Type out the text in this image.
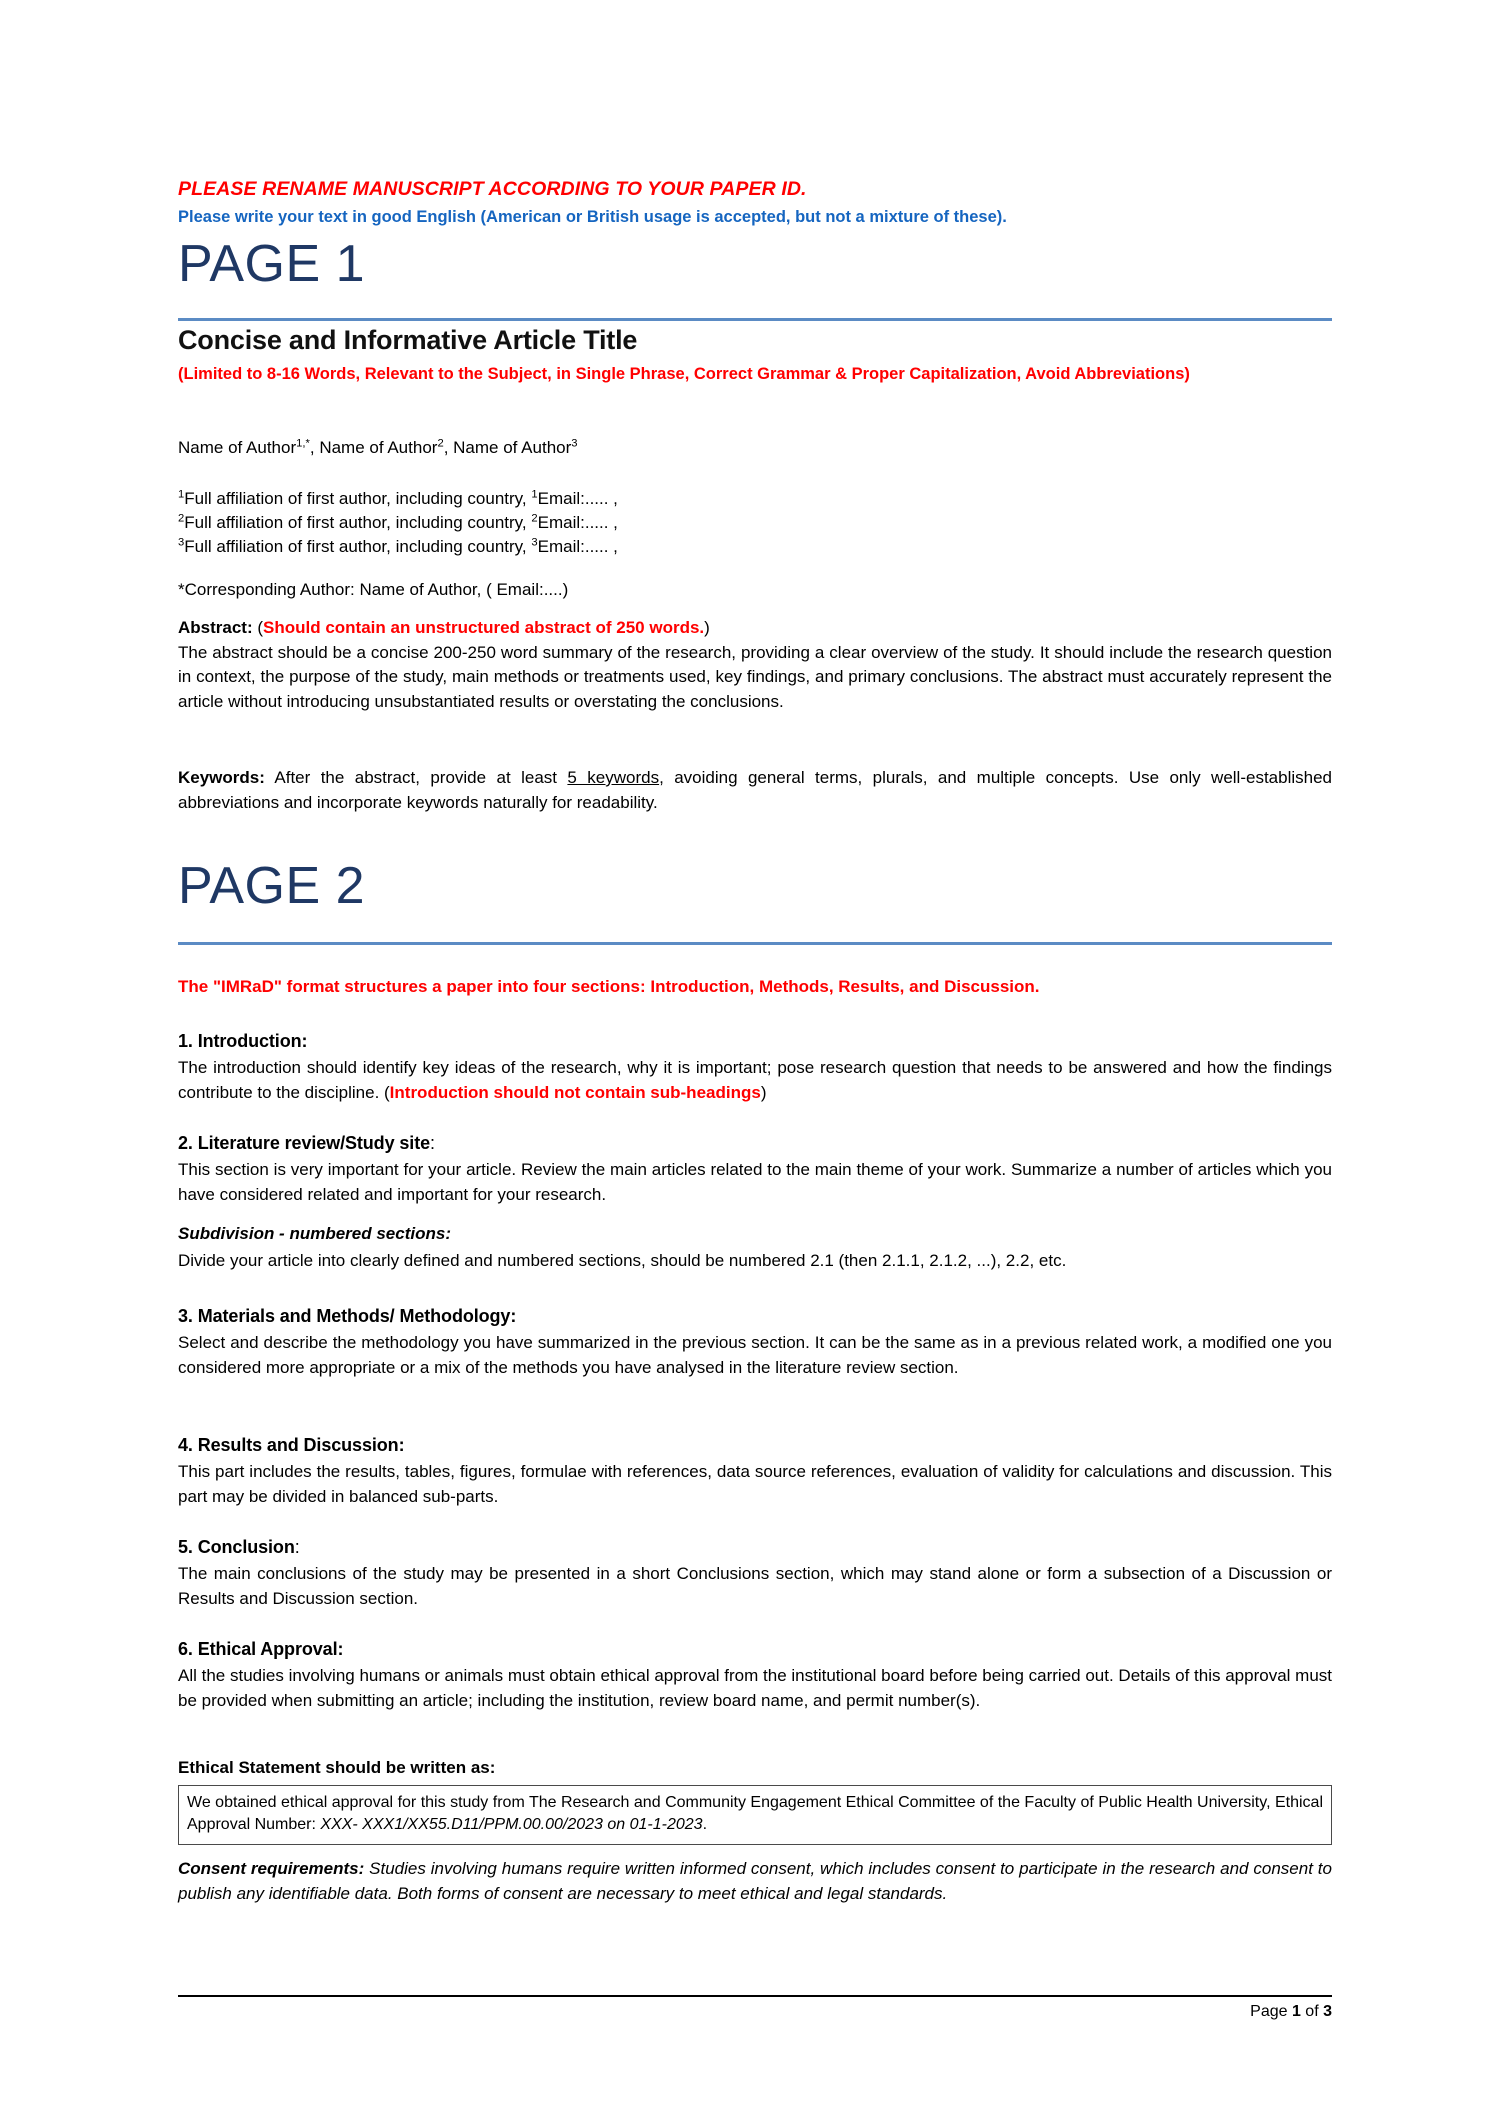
PLEASE RENAME MANUSCRIPT ACCORDING TO YOUR PAPER ID.
Please write your text in good English (American or British usage is accepted, but not a mixture of these).
PAGE 1
Concise and Informative Article Title
(Limited to 8-16 Words, Relevant to the Subject, in Single Phrase, Correct Grammar & Proper Capitalization, Avoid Abbreviations)
Name of Author$^{1,*}$, Name of Author$^2$, Name of Author$^3$
$^1$Full affiliation of first author, including country, $^1$Email:..... ,
$^2$Full affiliation of first author, including country, $^2$Email:..... ,
$^3$Full affiliation of first author, including country, $^3$Email:..... ,
*Corresponding Author: Name of Author, ( Email:....)
Abstract: (Should contain an unstructured abstract of 250 words.)
The abstract should be a concise 200-250 word summary of the research, providing a clear overview of the study. It should include the research question in context, the purpose of the study, main methods or treatments used, key findings, and primary conclusions. The abstract must accurately represent the article without introducing unsubstantiated results or overstating the conclusions.
Keywords: After the abstract, provide at least 5 keywords, avoiding general terms, plurals, and multiple concepts. Use only well-established abbreviations and incorporate keywords naturally for readability.
PAGE 2
The "IMRaD" format structures a paper into four sections: Introduction, Methods, Results, and Discussion.
1. Introduction:

The introduction should identify key ideas of the research, why it is important; pose research question that needs to be answered and how the findings contribute to the discipline. (Introduction should not contain sub-headings)

2. Literature review/Study site:

This section is very important for your article. Review the main articles related to the main theme of your work. Summarize a number of articles which you have considered related and important for your research.

Subdivision - numbered sections:

Divide your article into clearly defined and numbered sections, should be numbered 2.1 (then 2.1.1, 2.1.2, ...), 2.2, etc.

3. Materials and Methods/ Methodology:

Select and describe the methodology you have summarized in the previous section. It can be the same as in a previous related work, a modified one you considered more appropriate or a mix of the methods you have analysed in the literature review section.

4. Results and Discussion:

This part includes the results, tables, figures, formulae with references, data source references, evaluation of validity for calculations and discussion. This part may be divided in balanced sub-parts.

5. Conclusion:

The main conclusions of the study may be presented in a short Conclusions section, which may stand alone or form a subsection of a Discussion or Results and Discussion section.

6. Ethical Approval:

All the studies involving humans or animals must obtain ethical approval from the institutional board before being carried out. Details of this approval must be provided when submitting an article; including the institution, review board name, and permit number(s).

Ethical Statement should be written as:
We obtained ethical approval for this study from The Research and Community Engagement Ethical Committee of the Faculty of Public Health University, Ethical Approval Number: XXX- XXX1/XX55.D11/PPM.00.00/2023 on 01-1-2023.
Consent requirements: Studies involving humans require written informed consent, which includes consent to participate in the research and consent to publish any identifiable data. Both forms of consent are necessary to meet ethical and legal standards.
Page 1 of 3
